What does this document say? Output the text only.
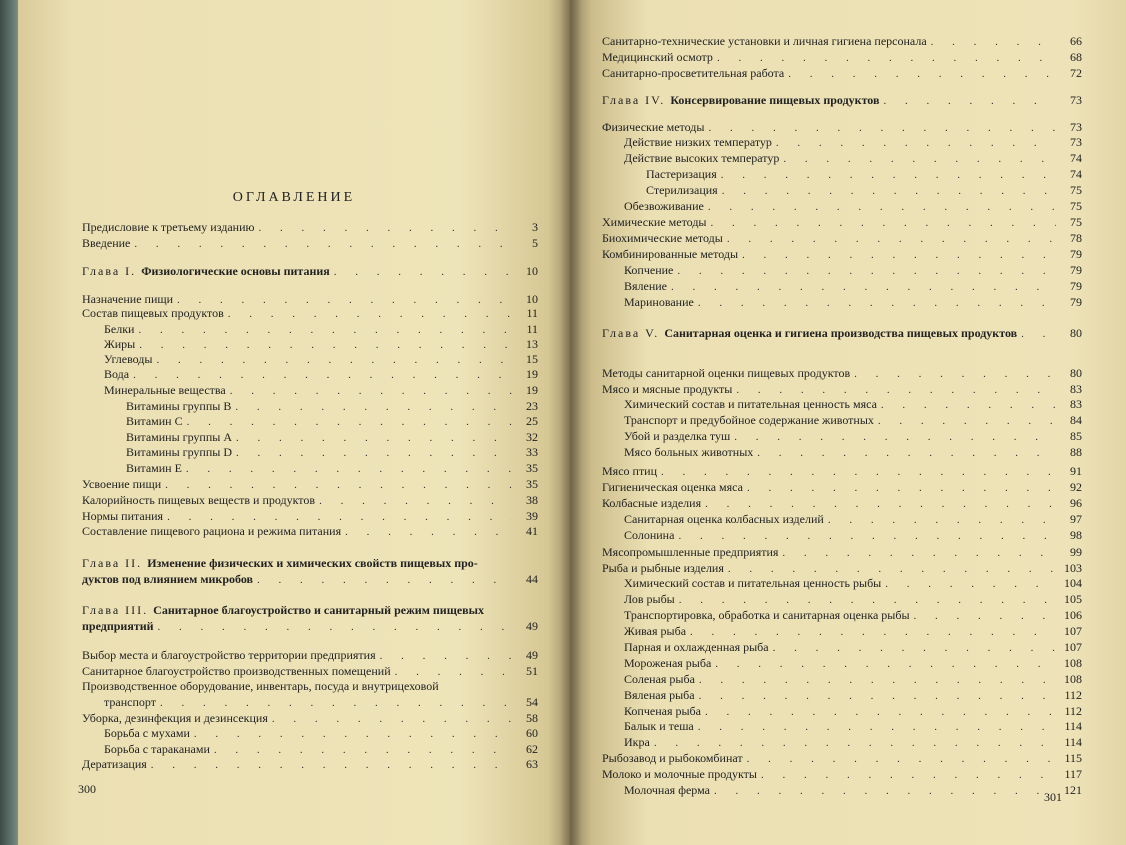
ОГЛАВЛЕНИЕ
Предисловие к третьему изданию . . .	3
Введение . . .	5
Глава I. Физиологические основы питания . . .	10
Назначение пищи . . .	10
Состав пищевых продуктов . . .	11
Белки . . .	11
Жиры . . .	13
Углеводы . . .	15
Вода . . .	19
Минеральные вещества . . .	19
Витамины группы B . . .	23
Витамин C . . .	25
Витамины группы A . . .	32
Витамины группы D . . .	33
Витамин E . . .	35
Усвоение пищи . . .	35
Калорийность пищевых веществ и продуктов . . .	38
Нормы питания . . .	39
Составление пищевого рациона и режима питания . . .	41
Глава II. Изменение физических и химических свойств пищевых про-
дуктов под влиянием микробов . . .	44
Глава III. Санитарное благоустройство и санитарный режим пищевых
предприятий . . .	49
Выбор места и благоустройство территории предприятия . . .	49
Санитарное благоустройство производственных помещений . . .	51
Производственное оборудование, инвентарь, посуда и внутрицеховой
транспорт . . .	54
Уборка, дезинфекция и дезинсекция . . .	58
Борьба с мухами . . .	60
Борьба с тараканами . . .	62
Дератизация . . .	63
300
Санитарно-технические установки и личная гигиена персонала . . .	66
Медицинский осмотр . . .	68
Санитарно-просветительная работа . . .	72
Глава IV. Консервирование пищевых продуктов . . .	73
Физические методы . . .	73
Действие низких температур . . .	73
Действие высоких температур . . .	74
Пастеризация . . .	74
Стерилизация . . .	75
Обезвоживание . . .	75
Химические методы . . .	75
Биохимические методы . . .	78
Комбинированные методы . . .	79
Копчение . . .	79
Вяление . . .	79
Маринование . . .	79
Глава V. Санитарная оценка и гигиена производства пищевых продуктов . . .	80
Методы санитарной оценки пищевых продуктов . . .	80
Мясо и мясные продукты . . .	83
Химический состав и питательная ценность мяса . . .	83
Транспорт и предубойное содержание животных . . .	84
Убой и разделка туш . . .	85
Мясо больных животных . . .	88
Мясо птиц . . .	91
Гигиеническая оценка мяса . . .	92
Колбасные изделия . . .	96
Санитарная оценка колбасных изделий . . .	97
Солонина . . .	98
Мясопромышленные предприятия . . .	99
Рыба и рыбные изделия . . .	103
Химический состав и питательная ценность рыбы . . .	104
Лов рыбы . . .	105
Транспортировка, обработка и санитарная оценка рыбы . . .	106
Живая рыба . . .	107
Парная и охлажденная рыба . . .	107
Мороженая рыба . . .	108
Соленая рыба . . .	108
Вяленая рыба . . .	112
Копченая рыба . . .	112
Балык и теша . . .	114
Икра . . .	114
Рыбозавод и рыбокомбинат . . .	115
Молоко и молочные продукты . . .	117
Молочная ферма . . .	121
301
